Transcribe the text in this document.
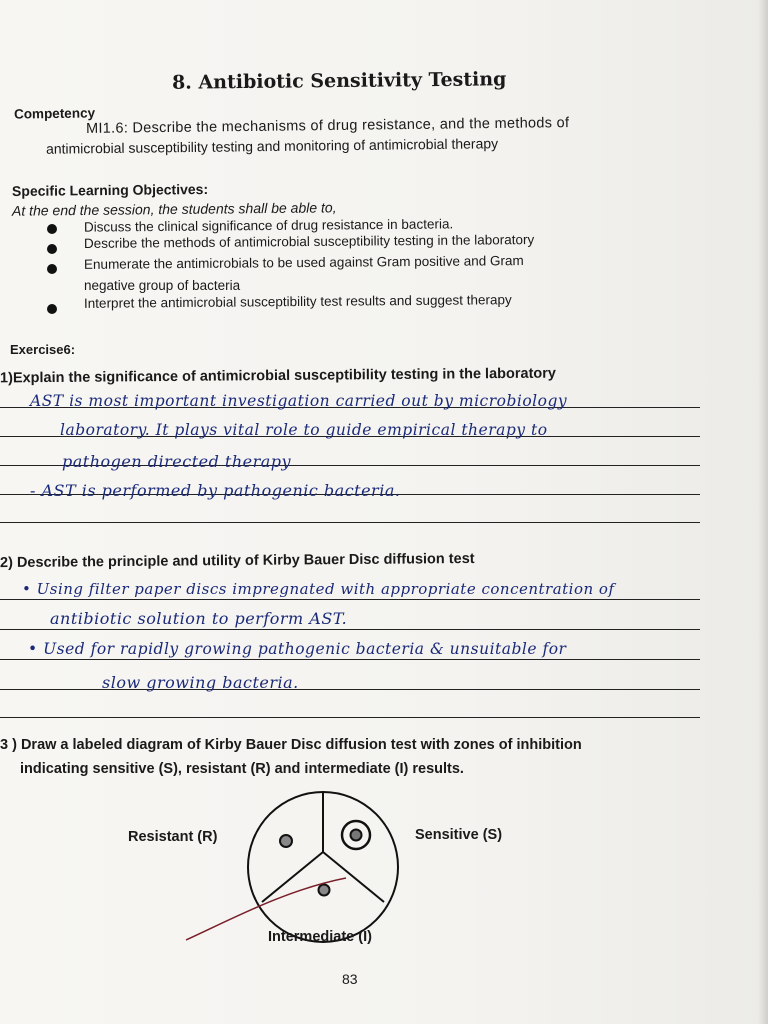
8. Antibiotic Sensitivity Testing
Competency
MI1.6: Describe the mechanisms of drug resistance, and the methods of
antimicrobial susceptibility testing and monitoring of antimicrobial therapy
Specific Learning Objectives:
At the end the session, the students shall be able to,
Discuss the clinical significance of drug resistance in bacteria.
Describe the methods of antimicrobial susceptibility testing in the laboratory
Enumerate the antimicrobials to be used against Gram positive and Gram
negative group of bacteria
Interpret the antimicrobial susceptibility test results and suggest therapy
Exercise6:
1)Explain the significance of antimicrobial susceptibility testing in the laboratory
AST is most important investigation carried out by microbiology
laboratory. It plays vital role to guide empirical therapy to
pathogen directed therapy
- AST is performed by pathogenic bacteria.
2) Describe the principle and utility of Kirby Bauer Disc diffusion test
• Using filter paper discs impregnated with appropriate concentration of
antibiotic solution to perform AST.
• Used for rapidly growing pathogenic bacteria & unsuitable for
slow growing bacteria.
3 ) Draw a labeled diagram of Kirby Bauer Disc diffusion test with zones of inhibition
indicating sensitive (S), resistant (R) and intermediate (I) results.
Resistant (R)	Sensitive (S)
Intermediate (I)
83
